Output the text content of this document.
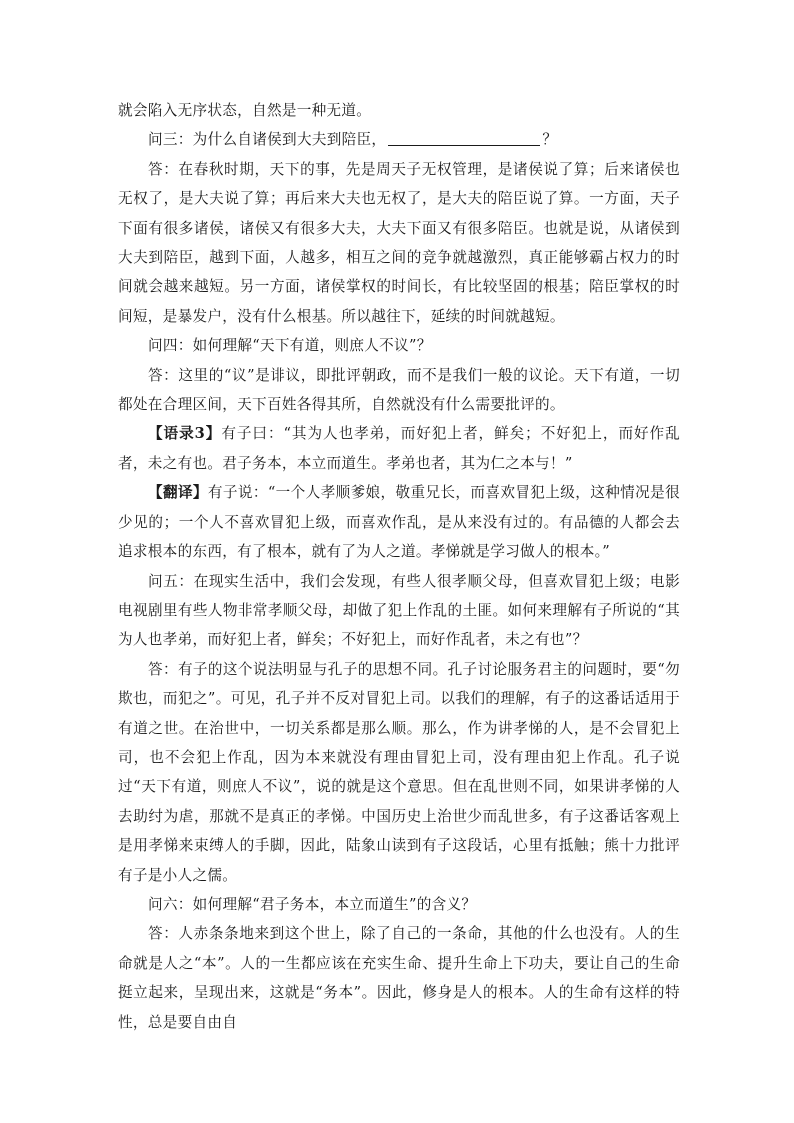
就会陷入无序状态，自然是一种无道。

问三：为什么自诸侯到大夫到陪臣，	？

答：在春秋时期，天下的事，先是周天子无权管理，是诸侯说了算；后来诸侯也无权了，是大夫说了算；再后来大夫也无权了，是大夫的陪臣说了算。一方面，天子下面有很多诸侯，诸侯又有很多大夫，大夫下面又有很多陪臣。也就是说，从诸侯到大夫到陪臣，越到下面，人越多，相互之间的竞争就越激烈，真正能够霸占权力的时间就会越来越短。另一方面，诸侯掌权的时间长，有比较坚固的根基；陪臣掌权的时间短，是暴发户，没有什么根基。所以越往下，延续的时间就越短。

问四：如何理解“天下有道，则庶人不议”？

答：这里的“议”是诽议，即批评朝政，而不是我们一般的议论。天下有道，一切都处在合理区间，天下百姓各得其所，自然就没有什么需要批评的。

【语录3】有子曰：“其为人也孝弟，而好犯上者，鲜矣；不好犯上，而好作乱者，未之有也。君子务本，本立而道生。孝弟也者，其为仁之本与！”

【翻译】有子说：“一个人孝顺爹娘，敬重兄长，而喜欢冒犯上级，这种情况是很少见的；一个人不喜欢冒犯上级，而喜欢作乱，是从来没有过的。有品德的人都会去追求根本的东西，有了根本，就有了为人之道。孝悌就是学习做人的根本。”

问五：在现实生活中，我们会发现，有些人很孝顺父母，但喜欢冒犯上级；电影电视剧里有些人物非常孝顺父母，却做了犯上作乱的土匪。如何来理解有子所说的“其为人也孝弟，而好犯上者，鲜矣；不好犯上，而好作乱者，未之有也”？

答：有子的这个说法明显与孔子的思想不同。孔子讨论服务君主的问题时，要“勿欺也，而犯之”。可见，孔子并不反对冒犯上司。以我们的理解，有子的这番话适用于有道之世。在治世中，一切关系都是那么顺。那么，作为讲孝悌的人，是不会冒犯上司，也不会犯上作乱，因为本来就没有理由冒犯上司，没有理由犯上作乱。孔子说过“天下有道，则庶人不议”，说的就是这个意思。但在乱世则不同，如果讲孝悌的人去助纣为虐，那就不是真正的孝悌。中国历史上治世少而乱世多，有子这番话客观上是用孝悌来束缚人的手脚，因此，陆象山读到有子这段话，心里有抵触；熊十力批评有子是小人之儒。

问六：如何理解“君子务本，本立而道生”的含义？

答：人赤条条地来到这个世上，除了自己的一条命，其他的什么也没有。人的生命就是人之“本”。人的一生都应该在充实生命、提升生命上下功夫，要让自己的生命挺立起来，呈现出来，这就是“务本”。因此，修身是人的根本。人的生命有这样的特性，总是要自由自
